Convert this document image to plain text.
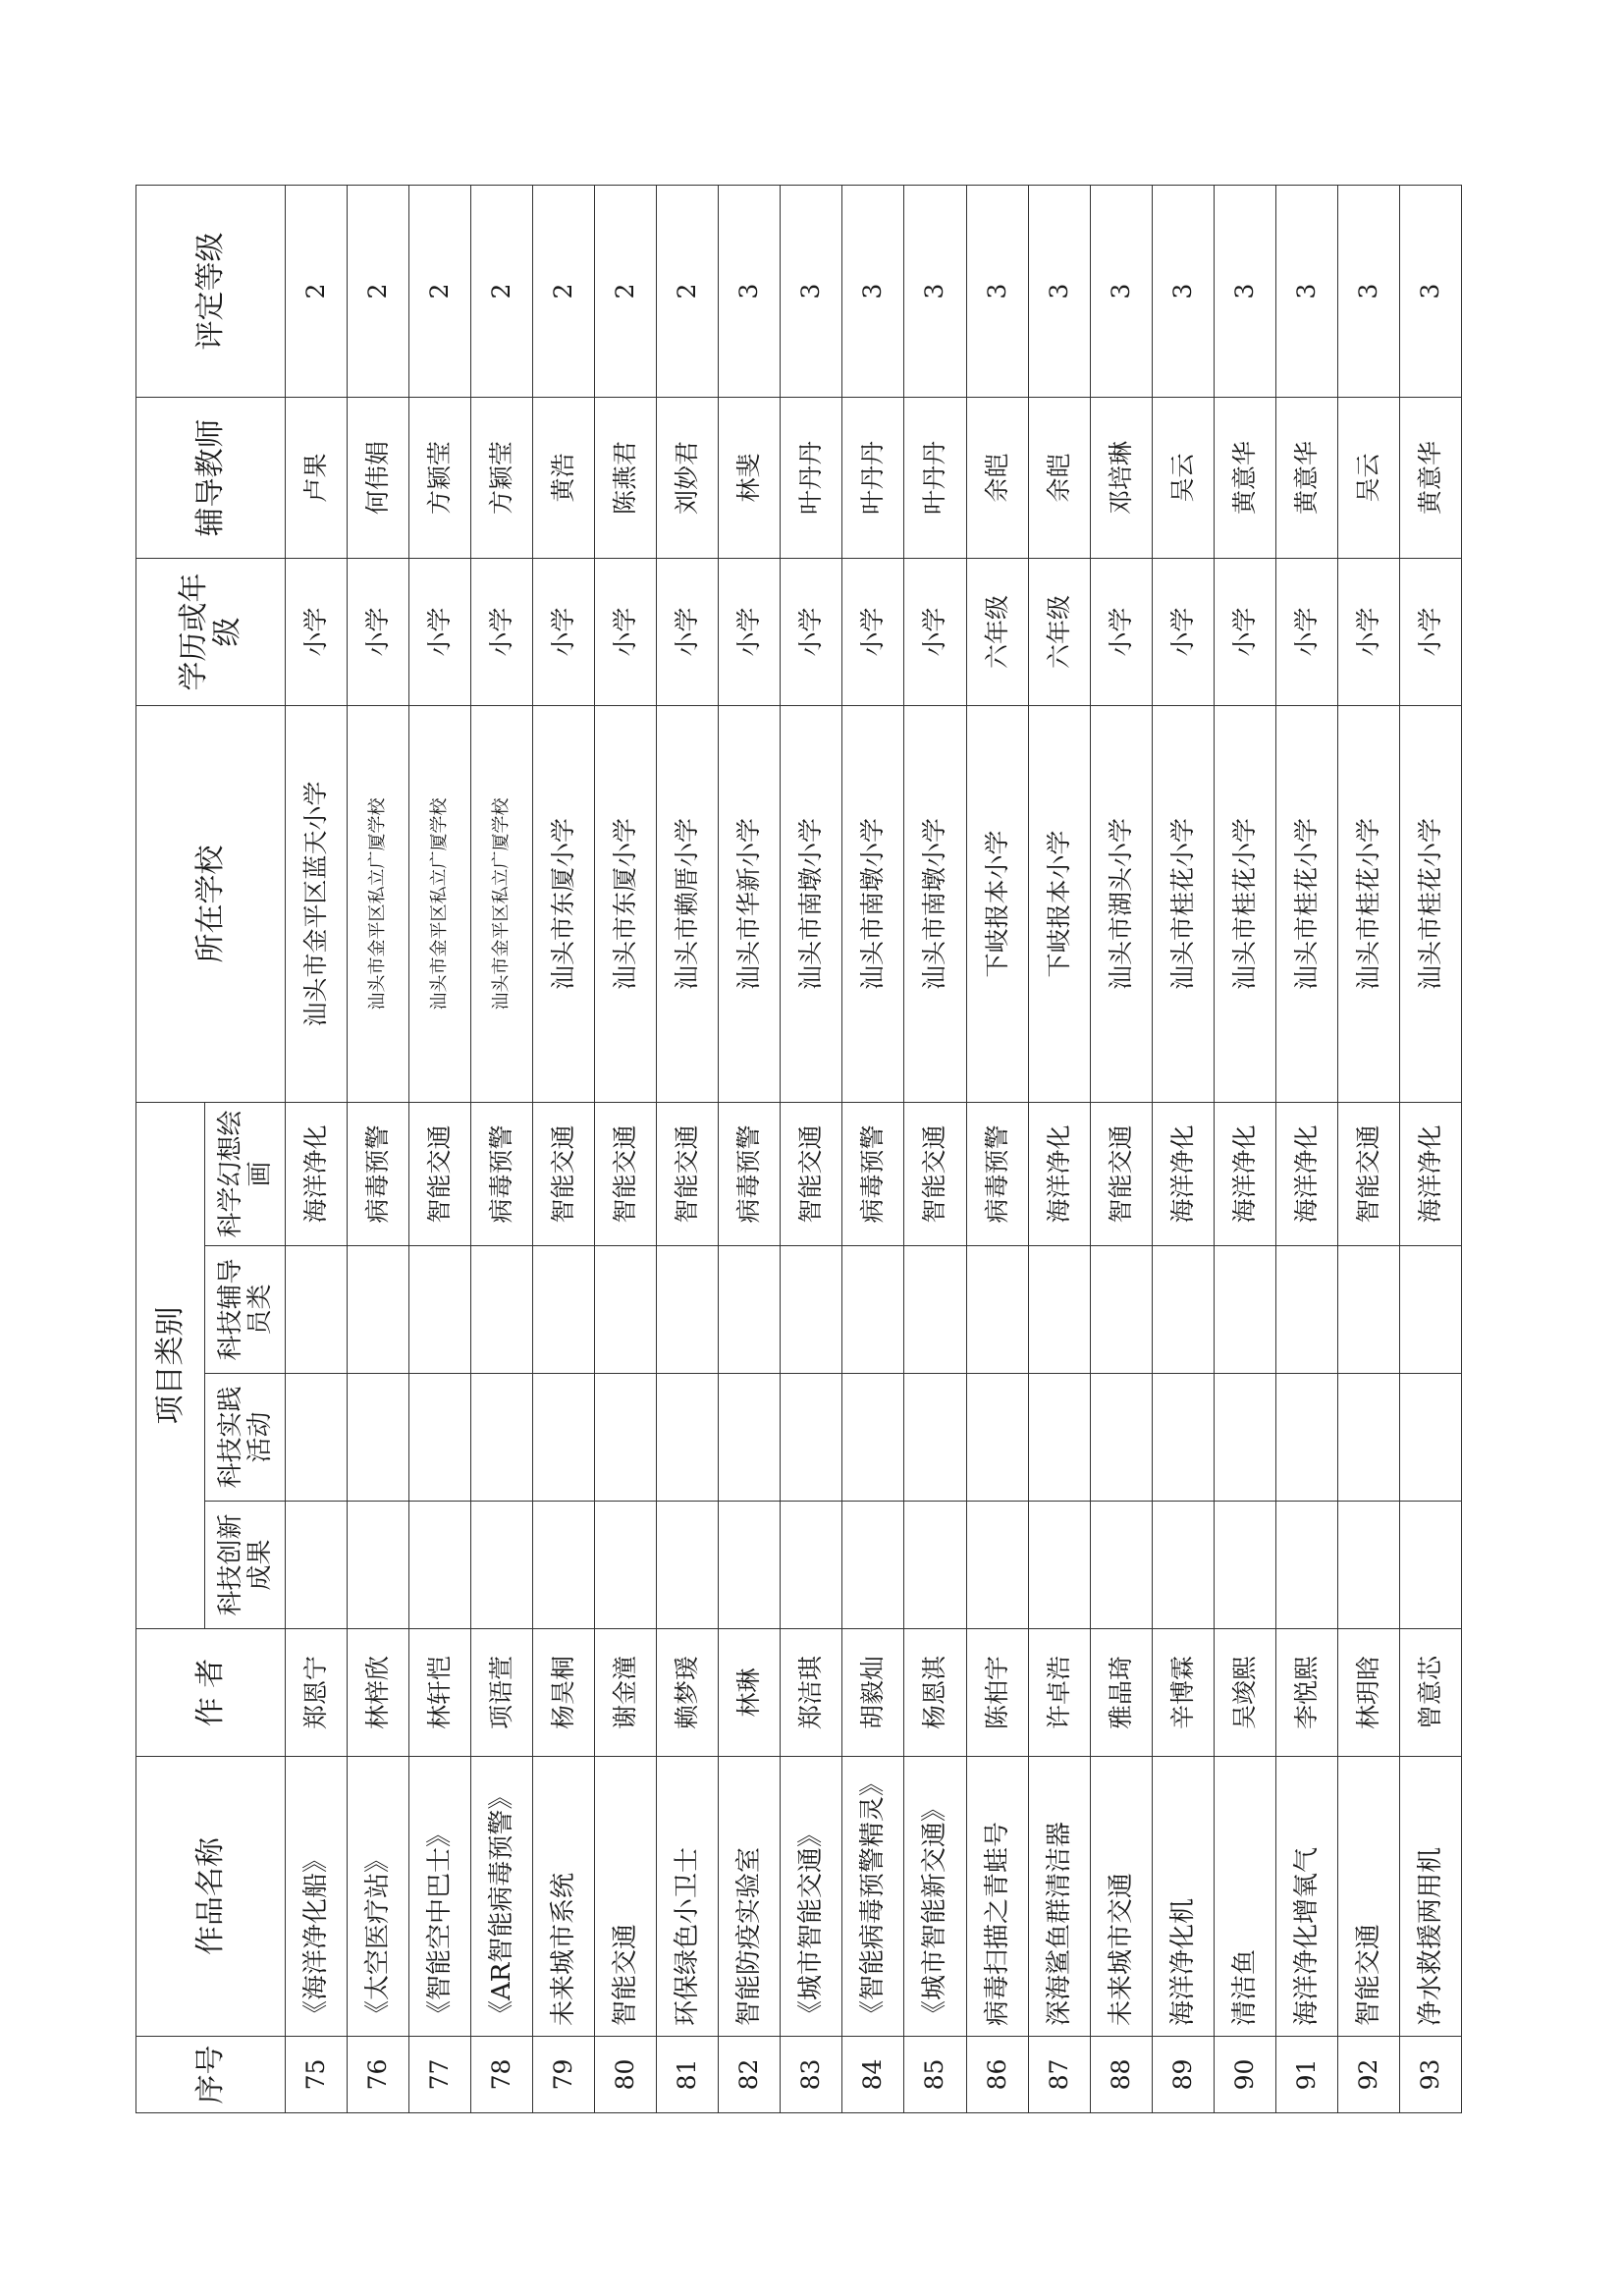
序号	作品名称	作 者	项目类别				所在学校	学历或年级	辅导教师	评定等级
			科技创新成果	科技实践活动	科技辅导员类	科学幻想绘画				
75	《海洋净化船》	郑恩宁				海洋净化	汕头市金平区蓝天小学	小学	卢果	2
76	《太空医疗站》	林梓欣				病毒预警	汕头市金平区私立广厦学校	小学	何伟娟	2
77	《智能空中巴士》	林轩恺				智能交通	汕头市金平区私立广厦学校	小学	方颖莹	2
78	《AR智能病毒预警》	项语萱				病毒预警	汕头市金平区私立广厦学校	小学	方颖莹	2
79	未来城市系统	杨昊桐				智能交通	汕头市东厦小学	小学	黄浩	2
80	智能交通	谢金潼				智能交通	汕头市东厦小学	小学	陈燕君	2
81	环保绿色小卫士	赖梦瑗				智能交通	汕头市赖厝小学	小学	刘妙君	2
82	智能防疫实验室	林琳				病毒预警	汕头市华新小学	小学	林斐	3
83	《城市智能交通》	郑洁琪				智能交通	汕头市南墩小学	小学	叶丹丹	3
84	《智能病毒预警精灵》	胡毅灿				病毒预警	汕头市南墩小学	小学	叶丹丹	3
85	《城市智能新交通》	杨恩淇				智能交通	汕头市南墩小学	小学	叶丹丹	3
86	病毒扫描之青蛙号	陈柏宇				病毒预警	下岐报本小学	六年级	余皑	3
87	深海鲨鱼群清洁器	许卓浩				海洋净化	下岐报本小学	六年级	余皑	3
88	未来城市交通	雅晶琦				智能交通	汕头市湖头小学	小学	邓培琳	3
89	海洋净化机	辛博霖				海洋净化	汕头市桂花小学	小学	吴云	3
90	清洁鱼	吴竣熙				海洋净化	汕头市桂花小学	小学	黄意华	3
91	海洋净化增氧气	李悦熙				海洋净化	汕头市桂花小学	小学	黄意华	3
92	智能交通	林玥晗				智能交通	汕头市桂花小学	小学	吴云	3
93	净水救援两用机	曾意芯				海洋净化	汕头市桂花小学	小学	黄意华	3
